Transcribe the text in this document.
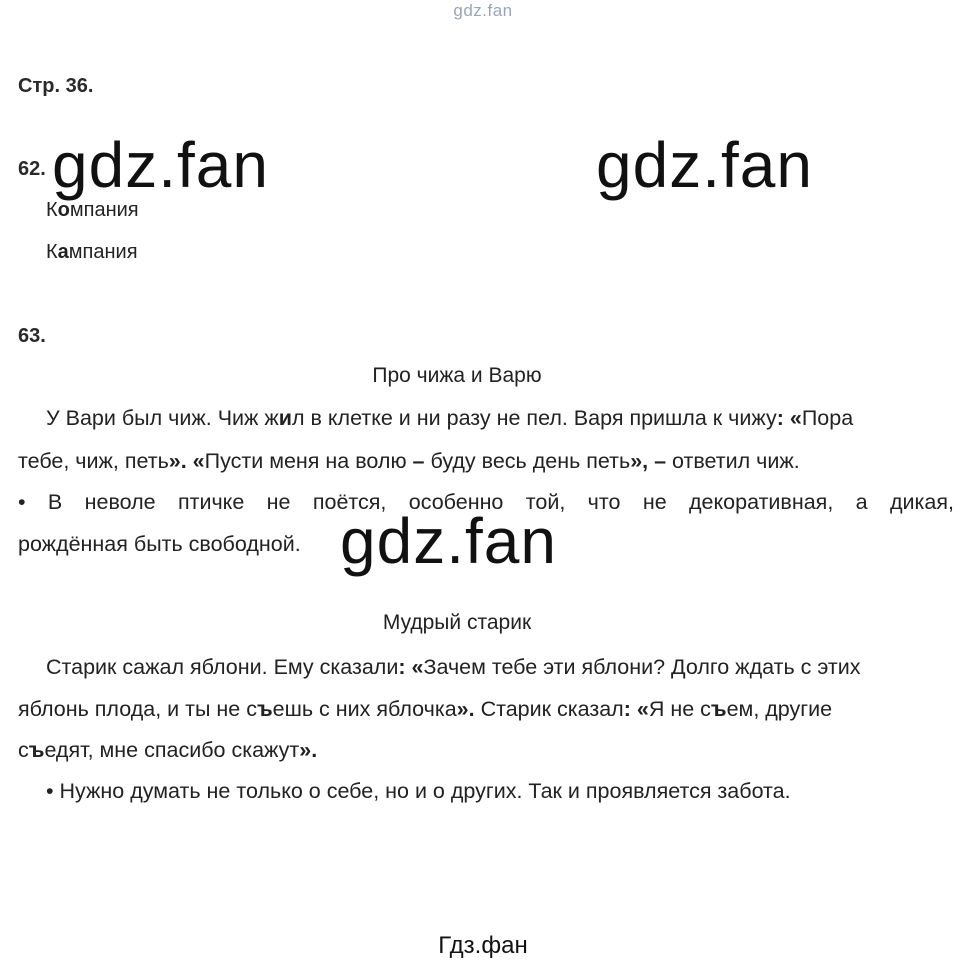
gdz.fan
Стр. 36.
62. gdz.fan	gdz.fan
Компания
Кампания
63.
Про чижа и Варю
У Вари был чиж. Чиж жил в клетке и ни разу не пел. Варя пришла к чижу: «Пора
тебе, чиж, петь». «Пусти меня на волю – буду весь день петь», – ответил чиж.
• В неволе птичке не поётся, особенно той, что не декоративная, а дикая,
рождённая быть свободной. gdz.fan
Мудрый старик
Старик сажал яблони. Ему сказали: «Зачем тебе эти яблони? Долго ждать с этих
яблонь плода, и ты не съешь с них яблочка». Старик сказал: «Я не съем, другие
съедят, мне спасибо скажут».
• Нужно думать не только о себе, но и о других. Так и проявляется забота.
Гдз.фан
